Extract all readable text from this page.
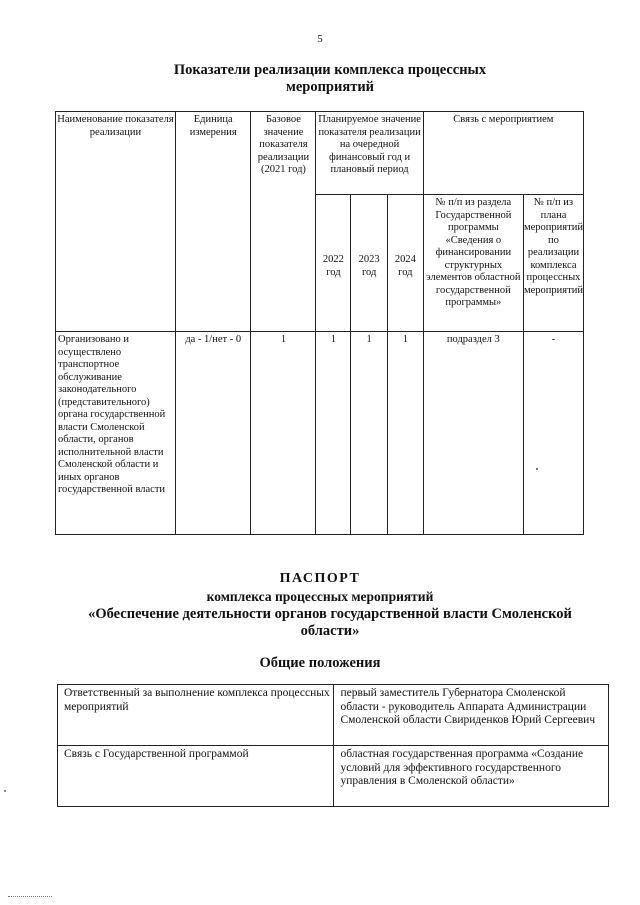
5
Показатели реализации комплекса процессных
мероприятий
Наименование показателя реализации	Единица измерения	Базовое значение показателя реализации (2021 год)	Планируемое значение показателя реализации на очередной финансовый год и плановый период			Связь с мероприятием	
			2022 год	2023 год	2024 год	№ п/п из раздела Государственной программы «Сведения о финансировании структурных элементов областной государственной программы»	№ п/п из плана мероприятий по реализации комплекса процессных мероприятий
Организовано и осуществлено транспортное обслуживание законодательного (представительного) органа государственной власти Смоленской области, органов исполнительной власти Смоленской области и иных органов государственной власти	да - 1/нет - 0	1	1	1	1	подраздел 3	-
ПАСПОРТ
комплекса процессных мероприятий
«Обеспечение деятельности органов государственной власти Смоленской
области»
Общие положения
Ответственный за выполнение комплекса процессных мероприятий	первый заместитель Губернатора Смоленской области - руководитель Аппарата Администрации Смоленской области Свириденков Юрий Сергеевич
Связь с Государственной программой	областная государственная программа «Создание условий для эффективного государственного управления в Смоленской области»
